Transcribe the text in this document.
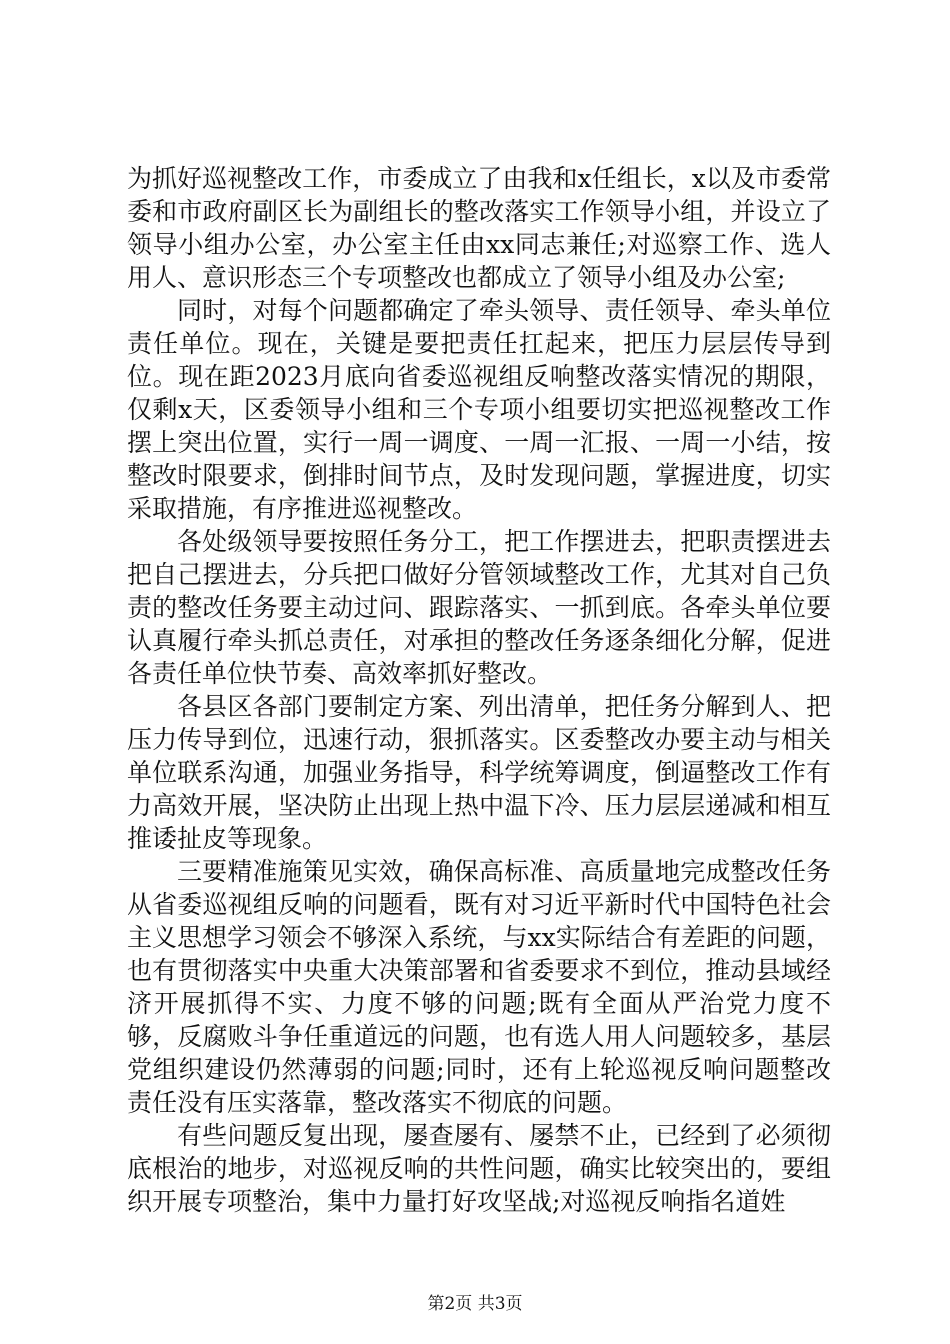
为抓好巡视整改工作，市委成立了由我和x任组长，x以及市委常委和市政府副区长为副组长的整改落实工作领导小组，并设立了领导小组办公室，办公室主任由xx同志兼任;对巡察工作、选人用人、意识形态三个专项整改也都成立了领导小组及办公室;

同时，对每个问题都确定了牵头领导、责任领导、牵头单位责任单位。现在，关键是要把责任扛起来，把压力层层传导到位。现在距2023月底向省委巡视组反响整改落实情况的期限，仅剩x天，区委领导小组和三个专项小组要切实把巡视整改工作摆上突出位置，实行一周一调度、一周一汇报、一周一小结，按整改时限要求，倒排时间节点，及时发现问题，掌握进度，切实采取措施，有序推进巡视整改。

各处级领导要按照任务分工，把工作摆进去，把职责摆进去把自己摆进去，分兵把口做好分管领域整改工作，尤其对自己负责的整改任务要主动过问、跟踪落实、一抓到底。各牵头单位要认真履行牵头抓总责任，对承担的整改任务逐条细化分解，促进各责任单位快节奏、高效率抓好整改。

各县区各部门要制定方案、列出清单，把任务分解到人、把压力传导到位，迅速行动，狠抓落实。区委整改办要主动与相关单位联系沟通，加强业务指导，科学统筹调度，倒逼整改工作有力高效开展，坚决防止出现上热中温下冷、压力层层递减和相互推诿扯皮等现象。

三要精准施策见实效，确保高标准、高质量地完成整改任务从省委巡视组反响的问题看，既有对习近平新时代中国特色社会主义思想学习领会不够深入系统，与xx实际结合有差距的问题，也有贯彻落实中央重大决策部署和省委要求不到位，推动县域经济开展抓得不实、力度不够的问题;既有全面从严治党力度不够，反腐败斗争任重道远的问题，也有选人用人问题较多，基层党组织建设仍然薄弱的问题;同时，还有上轮巡视反响问题整改责任没有压实落靠，整改落实不彻底的问题。

有些问题反复出现，屡查屡有、屡禁不止，已经到了必须彻底根治的地步，对巡视反响的共性问题，确实比较突出的，要组织开展专项整治，集中力量打好攻坚战;对巡视反响指名道姓

第2页 共3页
